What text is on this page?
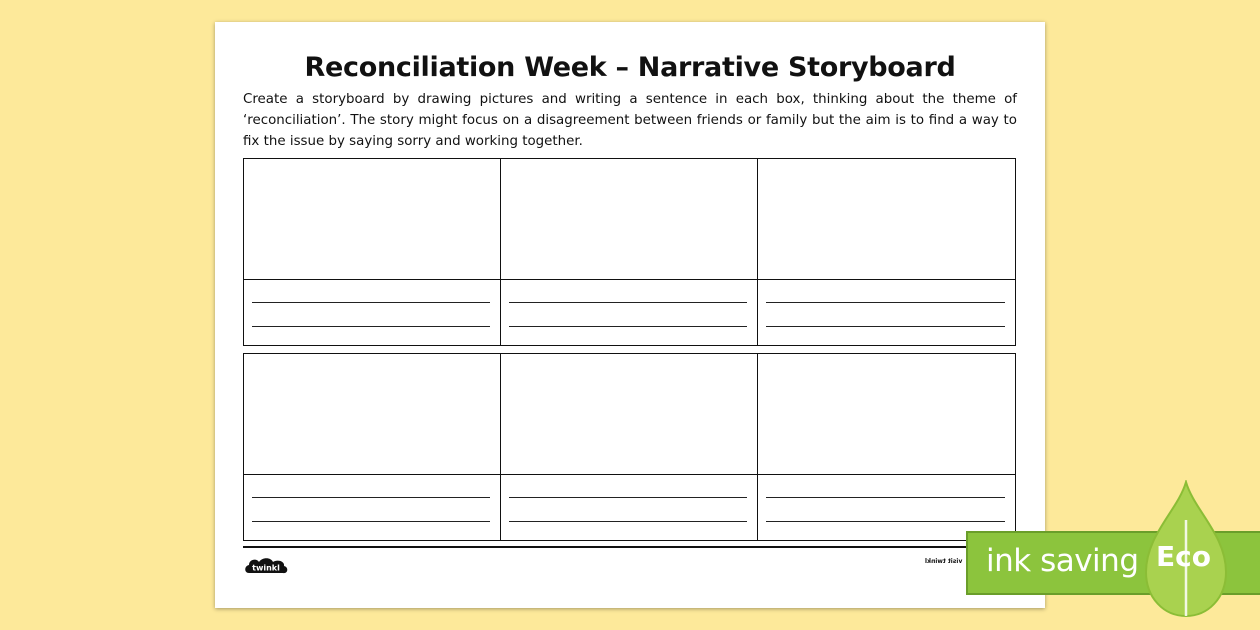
Reconciliation Week – Narrative Storyboard

Create a storyboard by drawing pictures and writing a sentence in each box, thinking about the theme of ‘reconciliation’. The story might focus on a disagreement between friends or family but the aim is to find a way to fix the issue by saying sorry and working together.

twinkl
visit twinkl ink saving Eco
